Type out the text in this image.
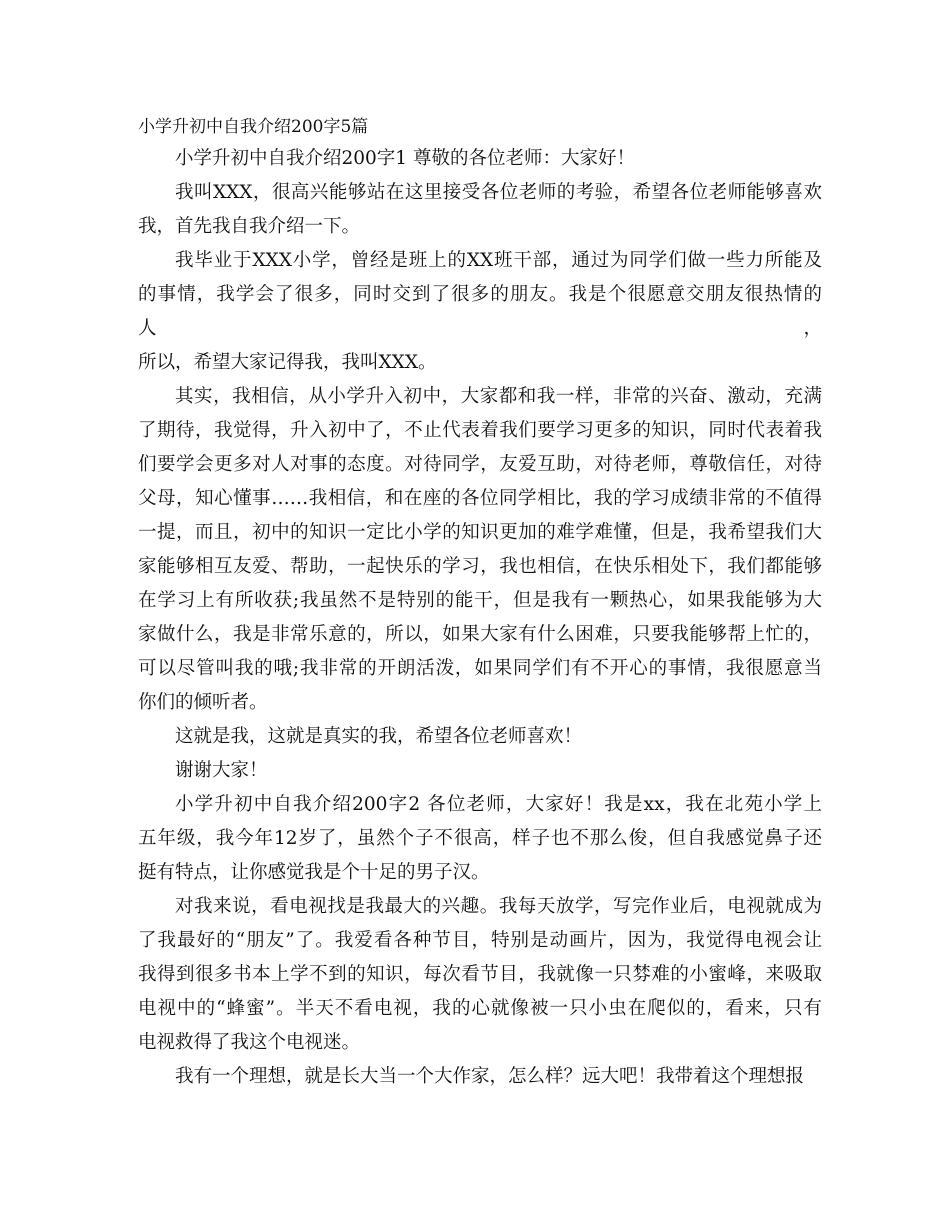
小学升初中自我介绍200字5篇
小学升初中自我介绍200字1 尊敬的各位老师：大家好！
我叫XXX，很高兴能够站在这里接受各位老师的考验，希望各位老师能够喜欢
我，首先我自我介绍一下。
我毕业于XXX小学，曾经是班上的XX班干部，通过为同学们做一些力所能及
的事情，我学会了很多，同时交到了很多的朋友。我是个很愿意交朋友很热情的人，
所以，希望大家记得我，我叫XXX。
其实，我相信，从小学升入初中，大家都和我一样，非常的兴奋、激动，充满
了期待，我觉得，升入初中了，不止代表着我们要学习更多的知识，同时代表着我
们要学会更多对人对事的态度。对待同学，友爱互助，对待老师，尊敬信任，对待
父母，知心懂事……我相信，和在座的各位同学相比，我的学习成绩非常的不值得
一提，而且，初中的知识一定比小学的知识更加的难学难懂，但是，我希望我们大
家能够相互友爱、帮助，一起快乐的学习，我也相信，在快乐相处下，我们都能够
在学习上有所收获;我虽然不是特别的能干，但是我有一颗热心，如果我能够为大
家做什么，我是非常乐意的，所以，如果大家有什么困难，只要我能够帮上忙的，
可以尽管叫我的哦;我非常的开朗活泼，如果同学们有不开心的事情，我很愿意当
你们的倾听者。
这就是我，这就是真实的我，希望各位老师喜欢！
谢谢大家！
小学升初中自我介绍200字2 各位老师，大家好！我是xx，我在北苑小学上
五年级，我今年12岁了，虽然个子不很高，样子也不那么俊，但自我感觉鼻子还
挺有特点，让你感觉我是个十足的男子汉。
对我来说，看电视找是我最大的兴趣。我每天放学，写完作业后，电视就成为
了我最好的“朋友”了。我爱看各种节目，特别是动画片，因为，我觉得电视会让
我得到很多书本上学不到的知识，每次看节目，我就像一只棼难的小蜜峰，来吸取
电视中的“蜂蜜”。半天不看电视，我的心就像被一只小虫在爬似的，看来，只有
电视救得了我这个电视迷。
我有一个理想，就是长大当一个大作家，怎么样？远大吧！我带着这个理想报
